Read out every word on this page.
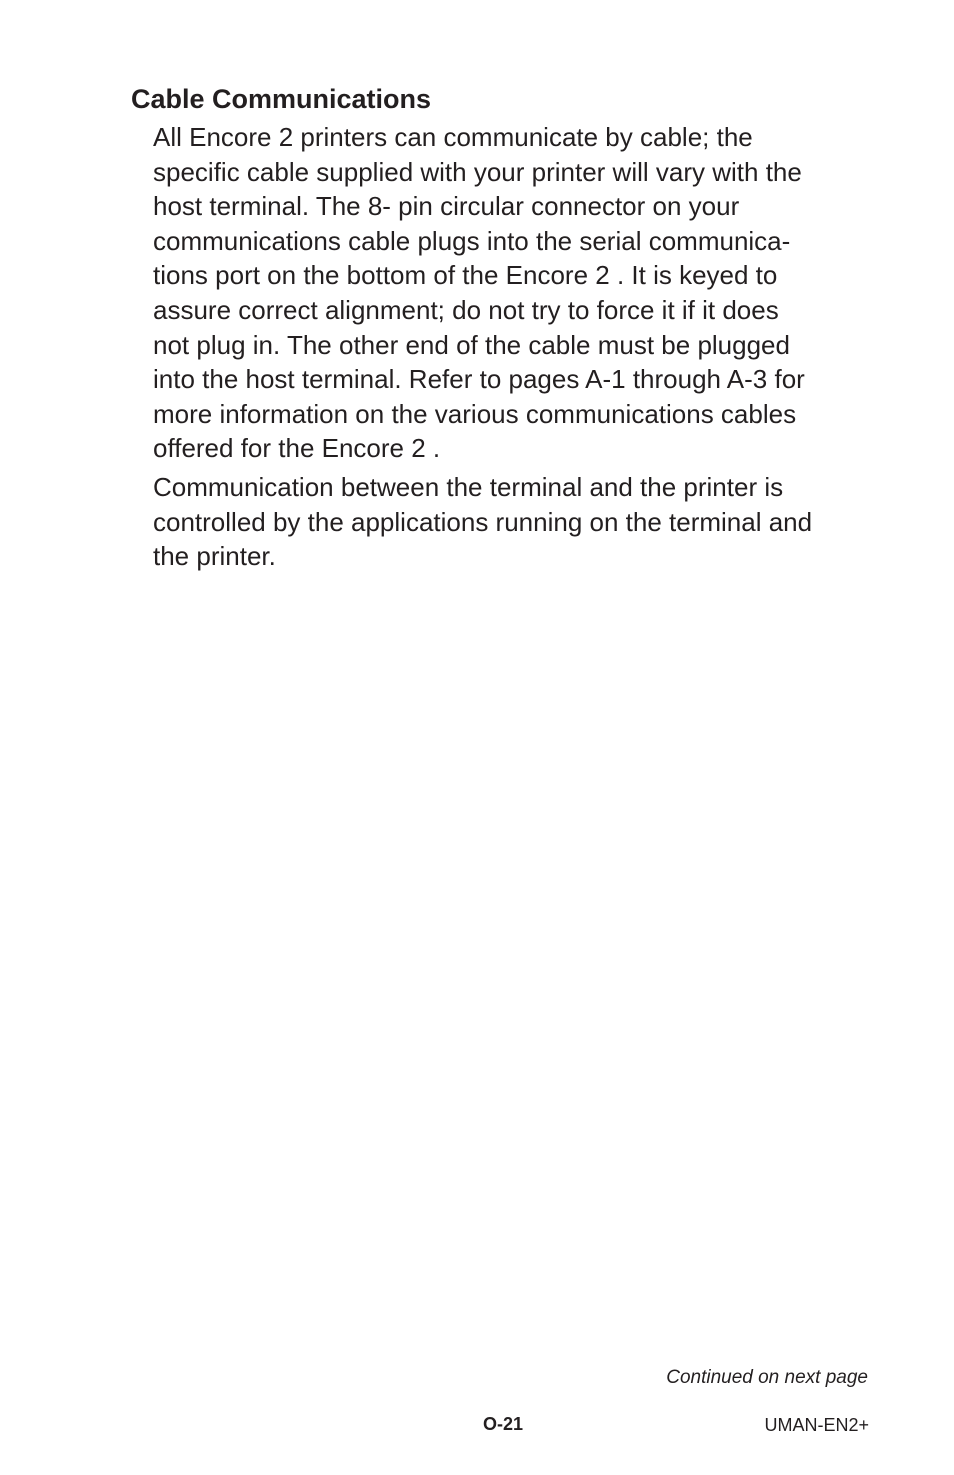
Cable Communications

All Encore 2 printers can communicate by cable; the
specific cable supplied with your printer will vary with the
host terminal. The 8- pin circular connector on your
communications cable plugs into the serial communica-
tions port on the bottom of the Encore 2 . It is keyed to
assure correct alignment; do not try to force it if it does
not plug in. The other end of the cable must be plugged
into the host terminal. Refer to pages A-1 through A-3 for
more information on the various communications cables
offered for the Encore 2 .

Communication between the terminal and the printer is
controlled by the applications running on the terminal and
the printer.

Continued on next page
O-21	UMAN-EN2+
